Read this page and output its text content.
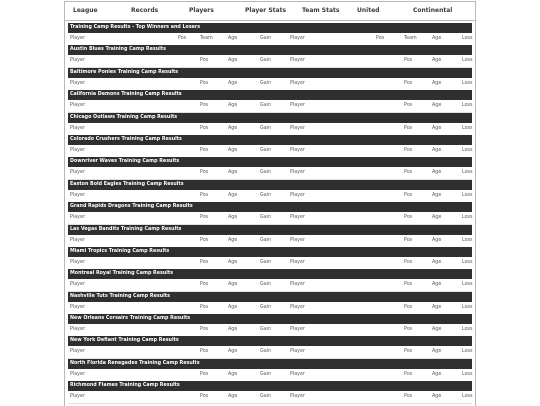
League	Records	Players	Player Stats	Team Stats	United	Continental
Training Camp Results - Top Winners and Losers
Player	Pos	Team	Age	Gain	Player	Pos	Team	Age	Loss
Austin Blues Training Camp Results
Player	Pos	Age	Gain	Player	Pos	Age	Loss
Baltimore Ponies Training Camp Results
Player	Pos	Age	Gain	Player	Pos	Age	Loss
California Demons Training Camp Results
Player	Pos	Age	Gain	Player	Pos	Age	Loss
Chicago Outlaws Training Camp Results
Player	Pos	Age	Gain	Player	Pos	Age	Loss
Colorado Crushers Training Camp Results
Player	Pos	Age	Gain	Player	Pos	Age	Loss
Downriver Waves Training Camp Results
Player	Pos	Age	Gain	Player	Pos	Age	Loss
Easton Bold Eagles Training Camp Results
Player	Pos	Age	Gain	Player	Pos	Age	Loss
Grand Rapids Dragons Training Camp Results
Player	Pos	Age	Gain	Player	Pos	Age	Loss
Las Vegas Bandits Training Camp Results
Player	Pos	Age	Gain	Player	Pos	Age	Loss
Miami Tropics Training Camp Results
Player	Pos	Age	Gain	Player	Pos	Age	Loss
Montreal Royal Training Camp Results
Player	Pos	Age	Gain	Player	Pos	Age	Loss
Nashville Tuts Training Camp Results
Player	Pos	Age	Gain	Player	Pos	Age	Loss
New Orleans Corsairs Training Camp Results
Player	Pos	Age	Gain	Player	Pos	Age	Loss
New York Defiant Training Camp Results
Player	Pos	Age	Gain	Player	Pos	Age	Loss
North Florida Renegades Training Camp Results
Player	Pos	Age	Gain	Player	Pos	Age	Loss
Richmond Flames Training Camp Results
Player	Pos	Age	Gain	Player	Pos	Age	Loss
